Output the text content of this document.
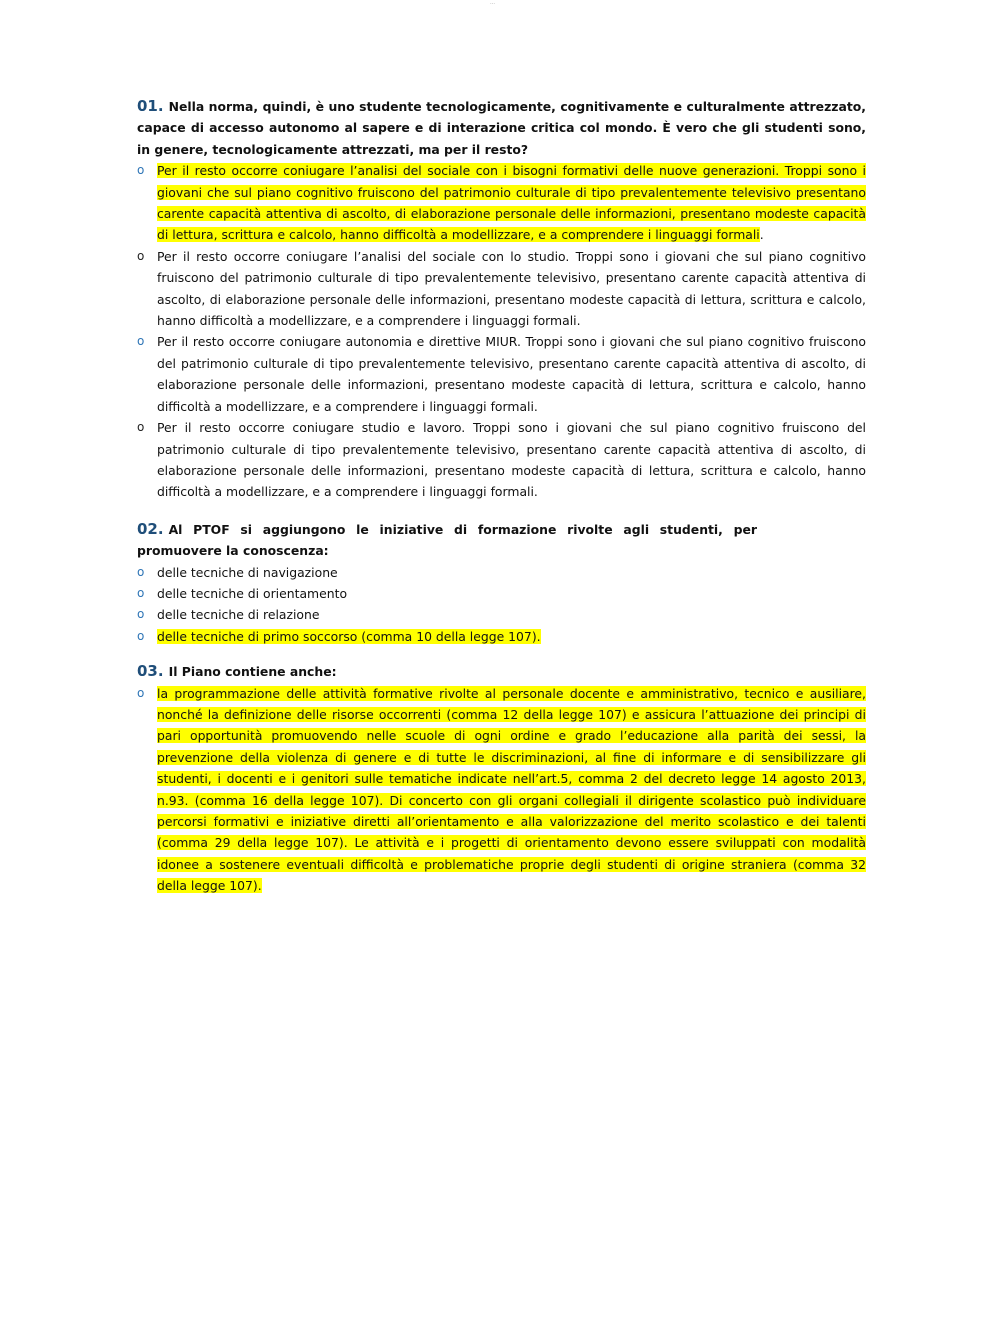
...

01. Nella norma, quindi, è uno studente tecnologicamente, cognitivamente e culturalmente attrezzato, capace di accesso autonomo al sapere e di interazione critica col mondo. È vero che gli studenti sono, in genere, tecnologicamente attrezzati, ma per il resto?

o Per il resto occorre coniugare l’analisi del sociale con i bisogni formativi delle nuove generazioni. Troppi sono i giovani che sul piano cognitivo fruiscono del patrimonio culturale di tipo prevalentemente televisivo presentano carente capacità attentiva di ascolto, di elaborazione personale delle informazioni, presentano modeste capacità di lettura, scrittura e calcolo, hanno difficoltà a modellizzare, e a comprendere i linguaggi formali.
o Per il resto occorre coniugare l’analisi del sociale con lo studio. Troppi sono i giovani che sul piano cognitivo fruiscono del patrimonio culturale di tipo prevalentemente televisivo, presentano carente capacità attentiva di ascolto, di elaborazione personale delle informazioni, presentano modeste capacità di lettura, scrittura e calcolo, hanno difficoltà a modellizzare, e a comprendere i linguaggi formali.
o Per il resto occorre coniugare autonomia e direttive MIUR. Troppi sono i giovani che sul piano cognitivo fruiscono del patrimonio culturale di tipo prevalentemente televisivo, presentano carente capacità attentiva di ascolto, di elaborazione personale delle informazioni, presentano modeste capacità di lettura, scrittura e calcolo, hanno difficoltà a modellizzare, e a comprendere i linguaggi formali.
o Per il resto occorre coniugare studio e lavoro. Troppi sono i giovani che sul piano cognitivo fruiscono del patrimonio culturale di tipo prevalentemente televisivo, presentano carente capacità attentiva di ascolto, di elaborazione personale delle informazioni, presentano modeste capacità di lettura, scrittura e calcolo, hanno difficoltà a modellizzare, e a comprendere i linguaggi formali.

02. Al PTOF si aggiungono le iniziative di formazione rivolte agli studenti, per promuovere la conoscenza:

o delle tecniche di navigazione
o delle tecniche di orientamento
o delle tecniche di relazione
o delle tecniche di primo soccorso (comma 10 della legge 107).

03. Il Piano contiene anche:

o la programmazione delle attività formative rivolte al personale docente e amministrativo, tecnico e ausiliare, nonché la definizione delle risorse occorrenti (comma 12 della legge 107) e assicura l’attuazione dei principi di pari opportunità promuovendo nelle scuole di ogni ordine e grado l’educazione alla parità dei sessi, la prevenzione della violenza di genere e di tutte le discriminazioni, al fine di informare e di sensibilizzare gli studenti, i docenti e i genitori sulle tematiche indicate nell’art.5, comma 2 del decreto legge 14 agosto 2013, n.93. (comma 16 della legge 107). Di concerto con gli organi collegiali il dirigente scolastico può individuare percorsi formativi e iniziative diretti all’orientamento e alla valorizzazione del merito scolastico e dei talenti (comma 29 della legge 107). Le attività e i progetti di orientamento devono essere sviluppati con modalità idonee a sostenere eventuali difficoltà e problematiche proprie degli studenti di origine straniera (comma 32 della legge 107).
